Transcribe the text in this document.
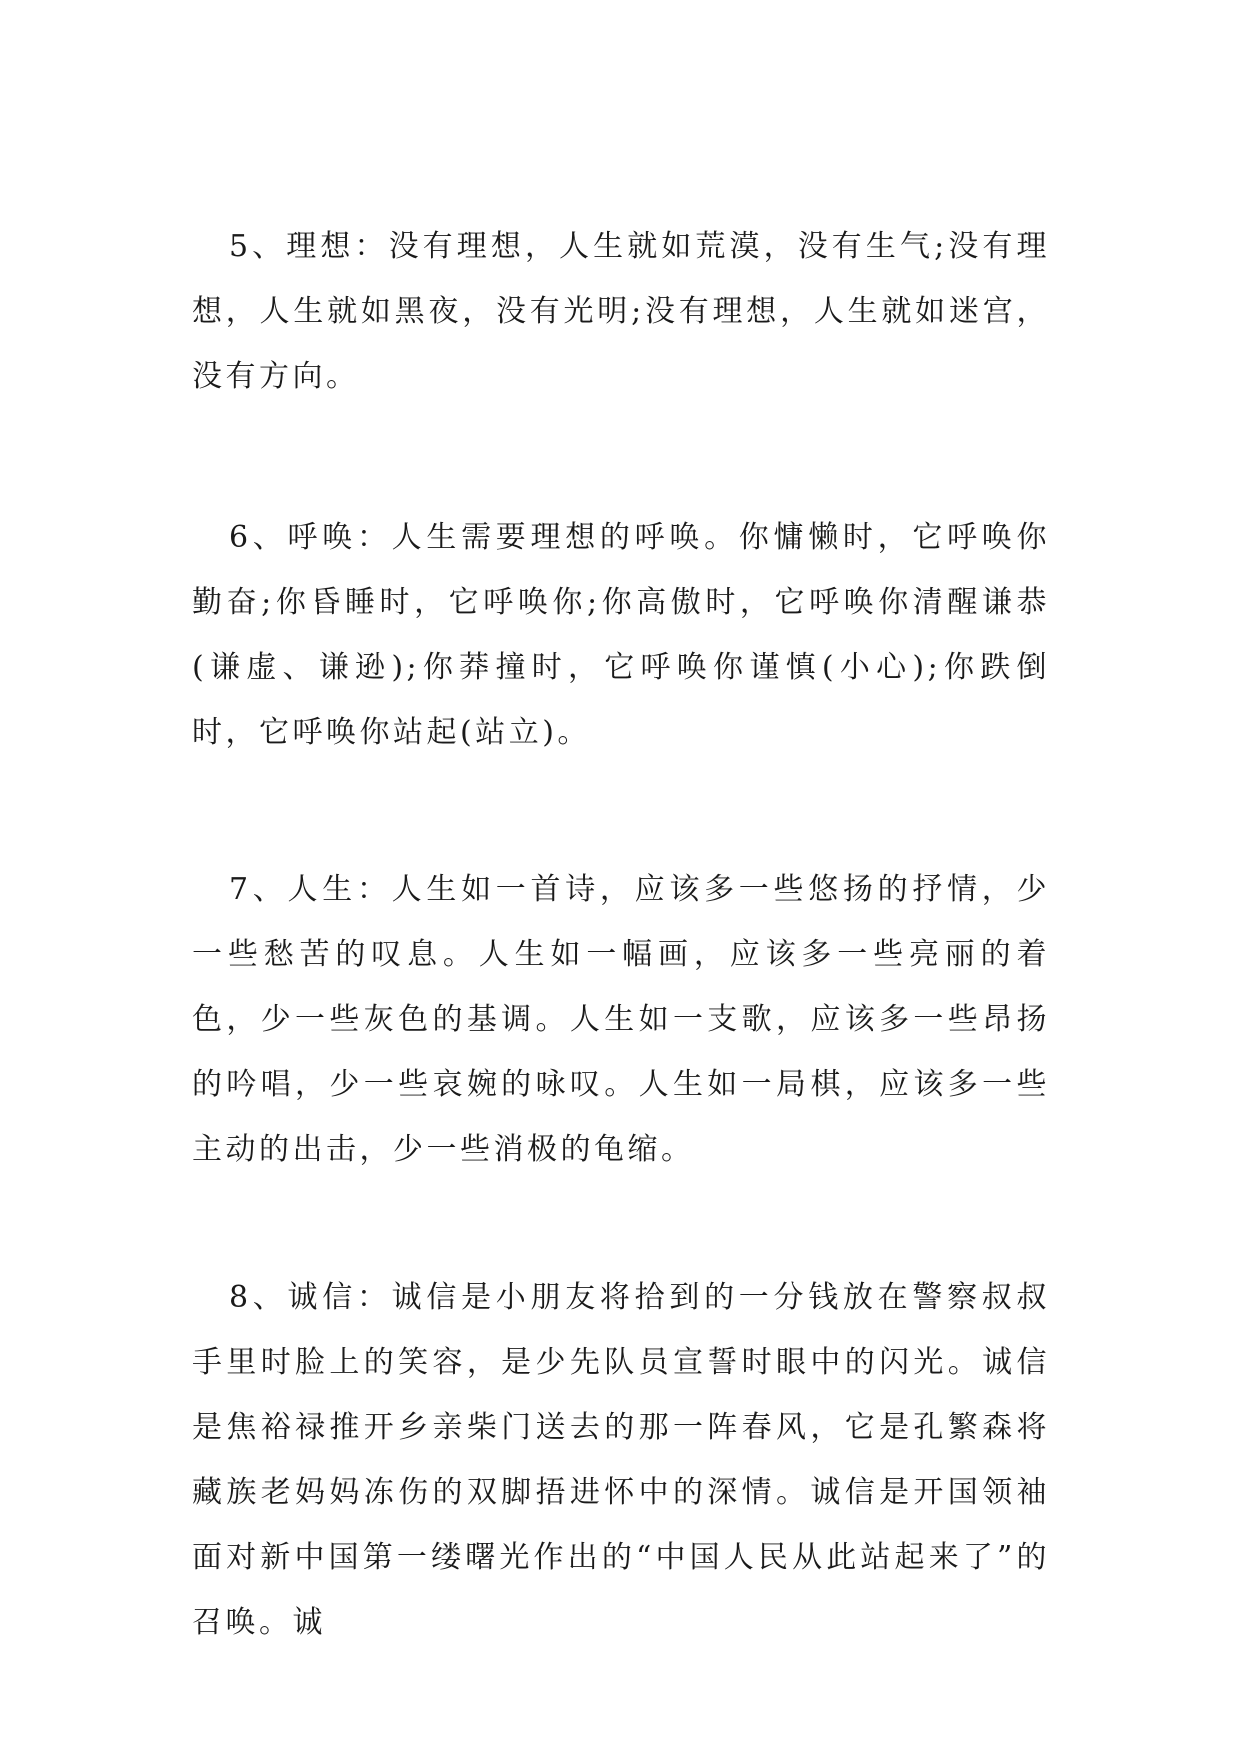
5、理想：没有理想，人生就如荒漠，没有生气;没有理想，人生就如黑夜，没有光明;没有理想，人生就如迷宫，没有方向。

6、呼唤：人生需要理想的呼唤。你慵懒时，它呼唤你勤奋;你昏睡时，它呼唤你;你高傲时，它呼唤你清醒谦恭(谦虚、谦逊);你莽撞时，它呼唤你谨慎(小心);你跌倒时，它呼唤你站起(站立)。

7、人生：人生如一首诗，应该多一些悠扬的抒情，少一些愁苦的叹息。人生如一幅画，应该多一些亮丽的着色，少一些灰色的基调。人生如一支歌，应该多一些昂扬的吟唱，少一些哀婉的咏叹。人生如一局棋，应该多一些主动的出击，少一些消极的龟缩。

8、诚信：诚信是小朋友将拾到的一分钱放在警察叔叔手里时脸上的笑容，是少先队员宣誓时眼中的闪光。诚信是焦裕禄推开乡亲柴门送去的那一阵春风，它是孔繁森将藏族老妈妈冻伤的双脚捂进怀中的深情。诚信是开国领袖面对新中国第一缕曙光作出的“中国人民从此站起来了”的召唤。诚
